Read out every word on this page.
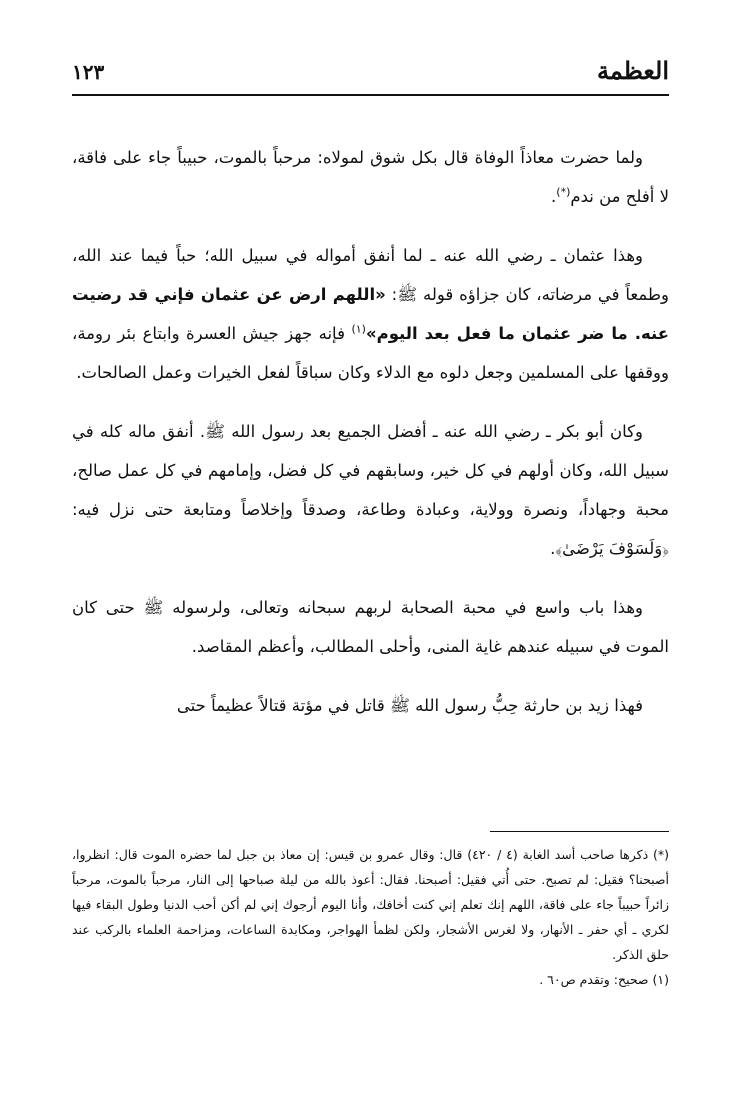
العظمة
١٢٣

ولما حضرت معاذاً الوفاة قال بكل شوق لمولاه: مرحباً بالموت، حبيباً جاء على فاقة، لا أفلح من ندم(*).

وهذا عثمان ـ رضي الله عنه ـ لما أنفق أمواله في سبيل الله؛ حباً فيما عند الله، وطمعاً في مرضاته، كان جزاؤه قوله ﷺ: «اللهم ارض عن عثمان فإني قد رضيت عنه. ما ضر عثمان ما فعل بعد اليوم»$^{(١)}$ فإنه جهز جيش العسرة وابتاع بئر رومة، ووقفها على المسلمين وجعل دلوه مع الدلاء وكان سباقاً لفعل الخيرات وعمل الصالحات.

وكان أبو بكر ـ رضي الله عنه ـ أفضل الجميع بعد رسول الله ﷺ. أنفق ماله كله في سبيل الله، وكان أولهم في كل خير، وسابقهم في كل فضل، وإمامهم في كل عمل صالح، محبة وجهاداً، ونصرة وولاية، وعبادة وطاعة، وصدقاً وإخلاصاً ومتابعة حتى نزل فيه: ﴿وَلَسَوْفَ يَرْضَىٰ﴾.

وهذا باب واسع في محبة الصحابة لربهم سبحانه وتعالى، ولرسوله ﷺ حتى كان الموت في سبيله عندهم غاية المنى، وأحلى المطالب، وأعظم المقاصد.

فهذا زيد بن حارثة حِبُّ رسول الله ﷺ قاتل في مؤتة قتالاً عظيماً حتى

(*) ذكرها صاحب أسد الغابة (٤ / ٤٢٠) قال: وقال عمرو بن قيس: إن معاذ بن جبل لما حضره الموت قال: انظروا، أصبحنا؟ فقيل: لم تصبح. حتى أُتي فقيل: أصبحنا. فقال: أعوذ بالله من ليلة صباحها إلى النار، مرحباً بالموت، مرحباً زائراً حبيباً جاء على فاقة، اللهم إنك تعلم إني كنت أخافك، وأنا اليوم أرجوك إني لم أكن أحب الدنيا وطول البقاء فيها لكري ـ أي حفر ـ الأنهار، ولا لغرس الأشجار، ولكن لظمأ الهواجر، ومكابدة الساعات، ومزاحمة العلماء بالركب عند حلق الذكر.

(١) صحيح: وتقدم ص٦٠ .
